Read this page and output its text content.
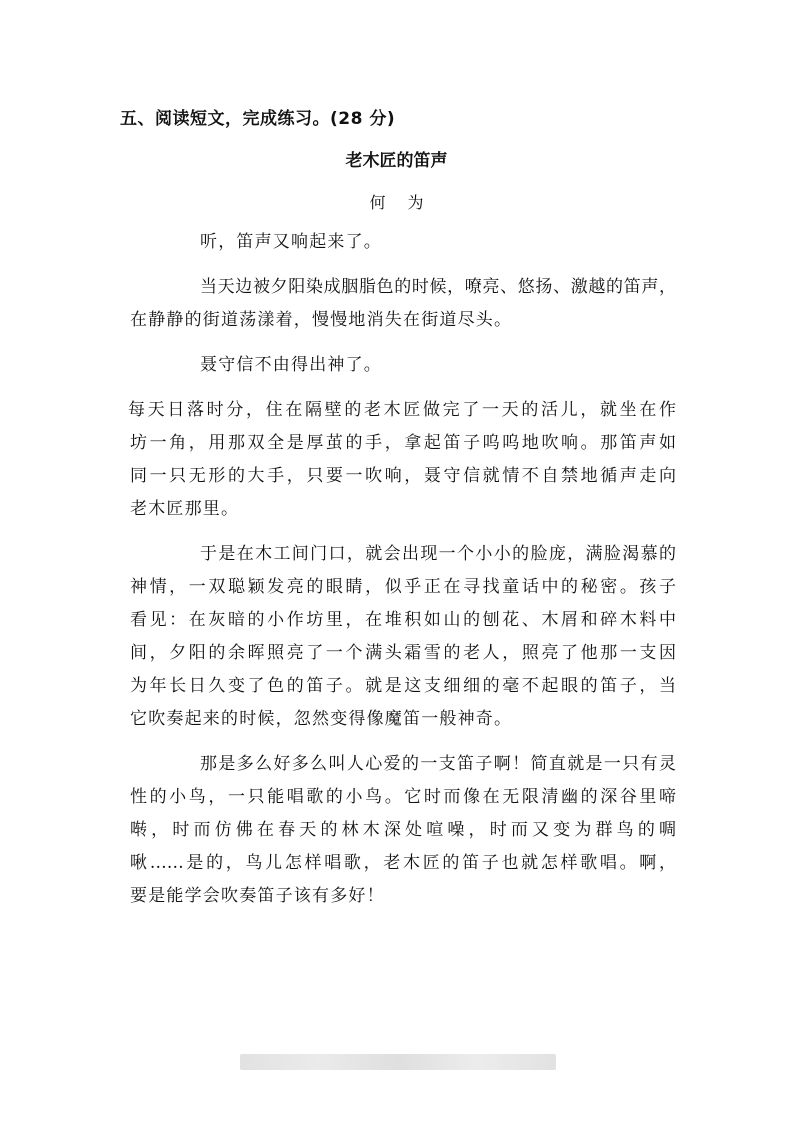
五、阅读短文，完成练习。(28 分)
老木匠的笛声
何为
听，笛声又响起来了。
当天边被夕阳染成胭脂色的时候，嘹亮、悠扬、激越的笛声，
在静静的街道荡漾着，慢慢地消失在街道尽头。
聂守信不由得出神了。
每天日落时分，住在隔壁的老木匠做完了一天的活儿，就坐在作
坊一角，用那双全是厚茧的手，拿起笛子呜呜地吹响。那笛声如
同一只无形的大手，只要一吹响，聂守信就情不自禁地循声走向
老木匠那里。
于是在木工间门口，就会出现一个小小的脸庞，满脸渴慕的
神情，一双聪颖发亮的眼睛，似乎正在寻找童话中的秘密。孩子
看见：在灰暗的小作坊里，在堆积如山的刨花、木屑和碎木料中
间，夕阳的余晖照亮了一个满头霜雪的老人，照亮了他那一支因
为年长日久变了色的笛子。就是这支细细的毫不起眼的笛子，当
它吹奏起来的时候，忽然变得像魔笛一般神奇。
那是多么好多么叫人心爱的一支笛子啊！简直就是一只有灵
性的小鸟，一只能唱歌的小鸟。它时而像在无限清幽的深谷里啼
啭，时而仿佛在春天的林木深处喧噪，时而又变为群鸟的啁
啾……是的，鸟儿怎样唱歌，老木匠的笛子也就怎样歌唱。啊，
要是能学会吹奏笛子该有多好！
